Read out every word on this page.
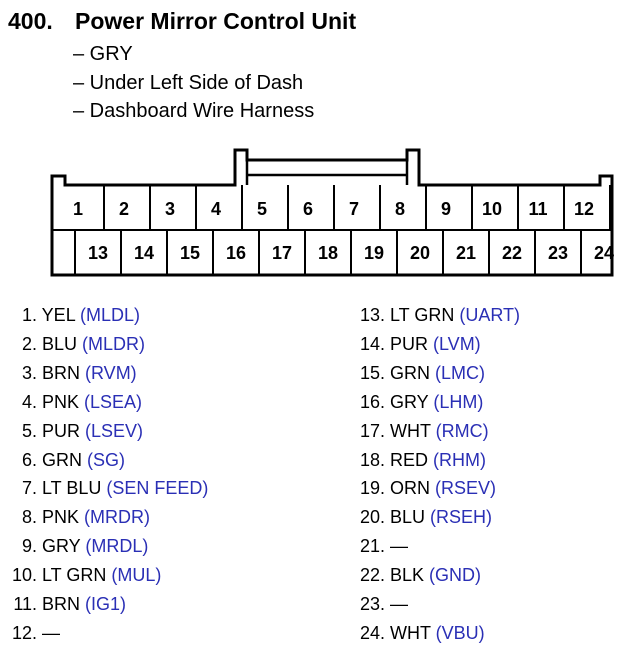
400. Power Mirror Control Unit
– GRY
– Under Left Side of Dash
– Dashboard Wire Harness
1 2 3 4 5 6 7 8 9 10 11 12
13 14 15 16 17 18 19 20 21 22 23 24
1. YEL (MLDL)
2. BLU (MLDR)
3. BRN (RVM)
4. PNK (LSEA)
5. PUR (LSEV)
6. GRN (SG)
7. LT BLU (SEN FEED)
8. PNK (MRDR)
9. GRY (MRDL)
10. LT GRN (MUL)
11. BRN (IG1)
12. —
13. LT GRN (UART)
14. PUR (LVM)
15. GRN (LMC)
16. GRY (LHM)
17. WHT (RMC)
18. RED (RHM)
19. ORN (RSEV)
20. BLU (RSEH)
21. —
22. BLK (GND)
23. —
24. WHT (VBU)
